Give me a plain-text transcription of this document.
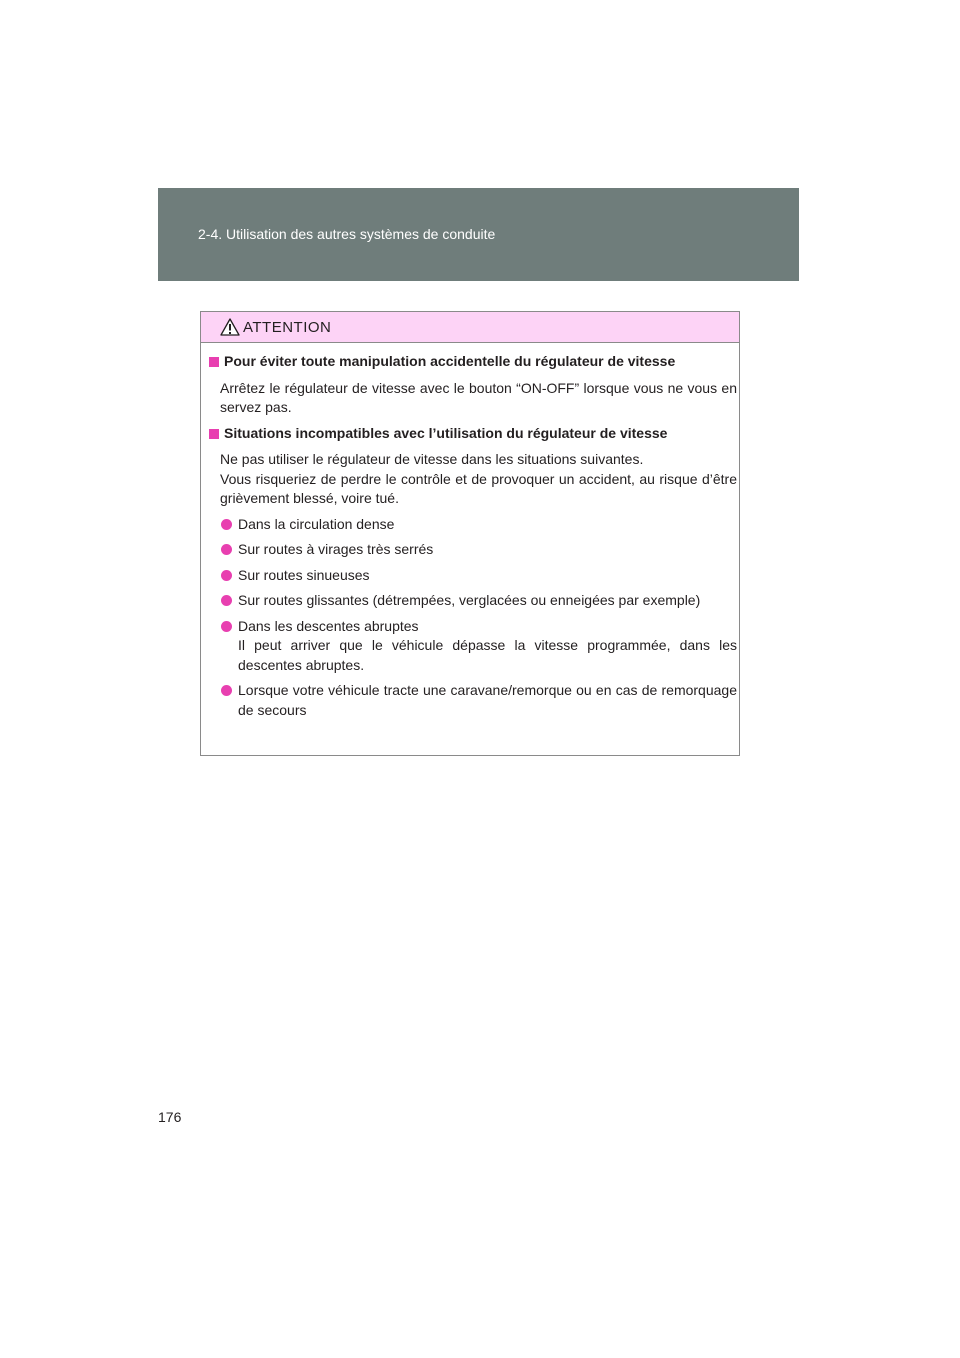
2-4. Utilisation des autres systèmes de conduite
ATTENTION
Pour éviter toute manipulation accidentelle du régulateur de vitesse
Arrêtez le régulateur de vitesse avec le bouton “ON-OFF” lorsque vous ne vous en servez pas.
Situations incompatibles avec l’utilisation du régulateur de vitesse
Ne pas utiliser le régulateur de vitesse dans les situations suivantes.
Vous risqueriez de perdre le contrôle et de provoquer un accident, au risque d’être grièvement blessé, voire tué.
Dans la circulation dense
Sur routes à virages très serrés
Sur routes sinueuses
Sur routes glissantes (détrempées, verglacées ou enneigées par exemple)
Dans les descentes abruptes
Il peut arriver que le véhicule dépasse la vitesse programmée, dans les descentes abruptes.
Lorsque votre véhicule tracte une caravane/remorque ou en cas de remorquage de secours
176
